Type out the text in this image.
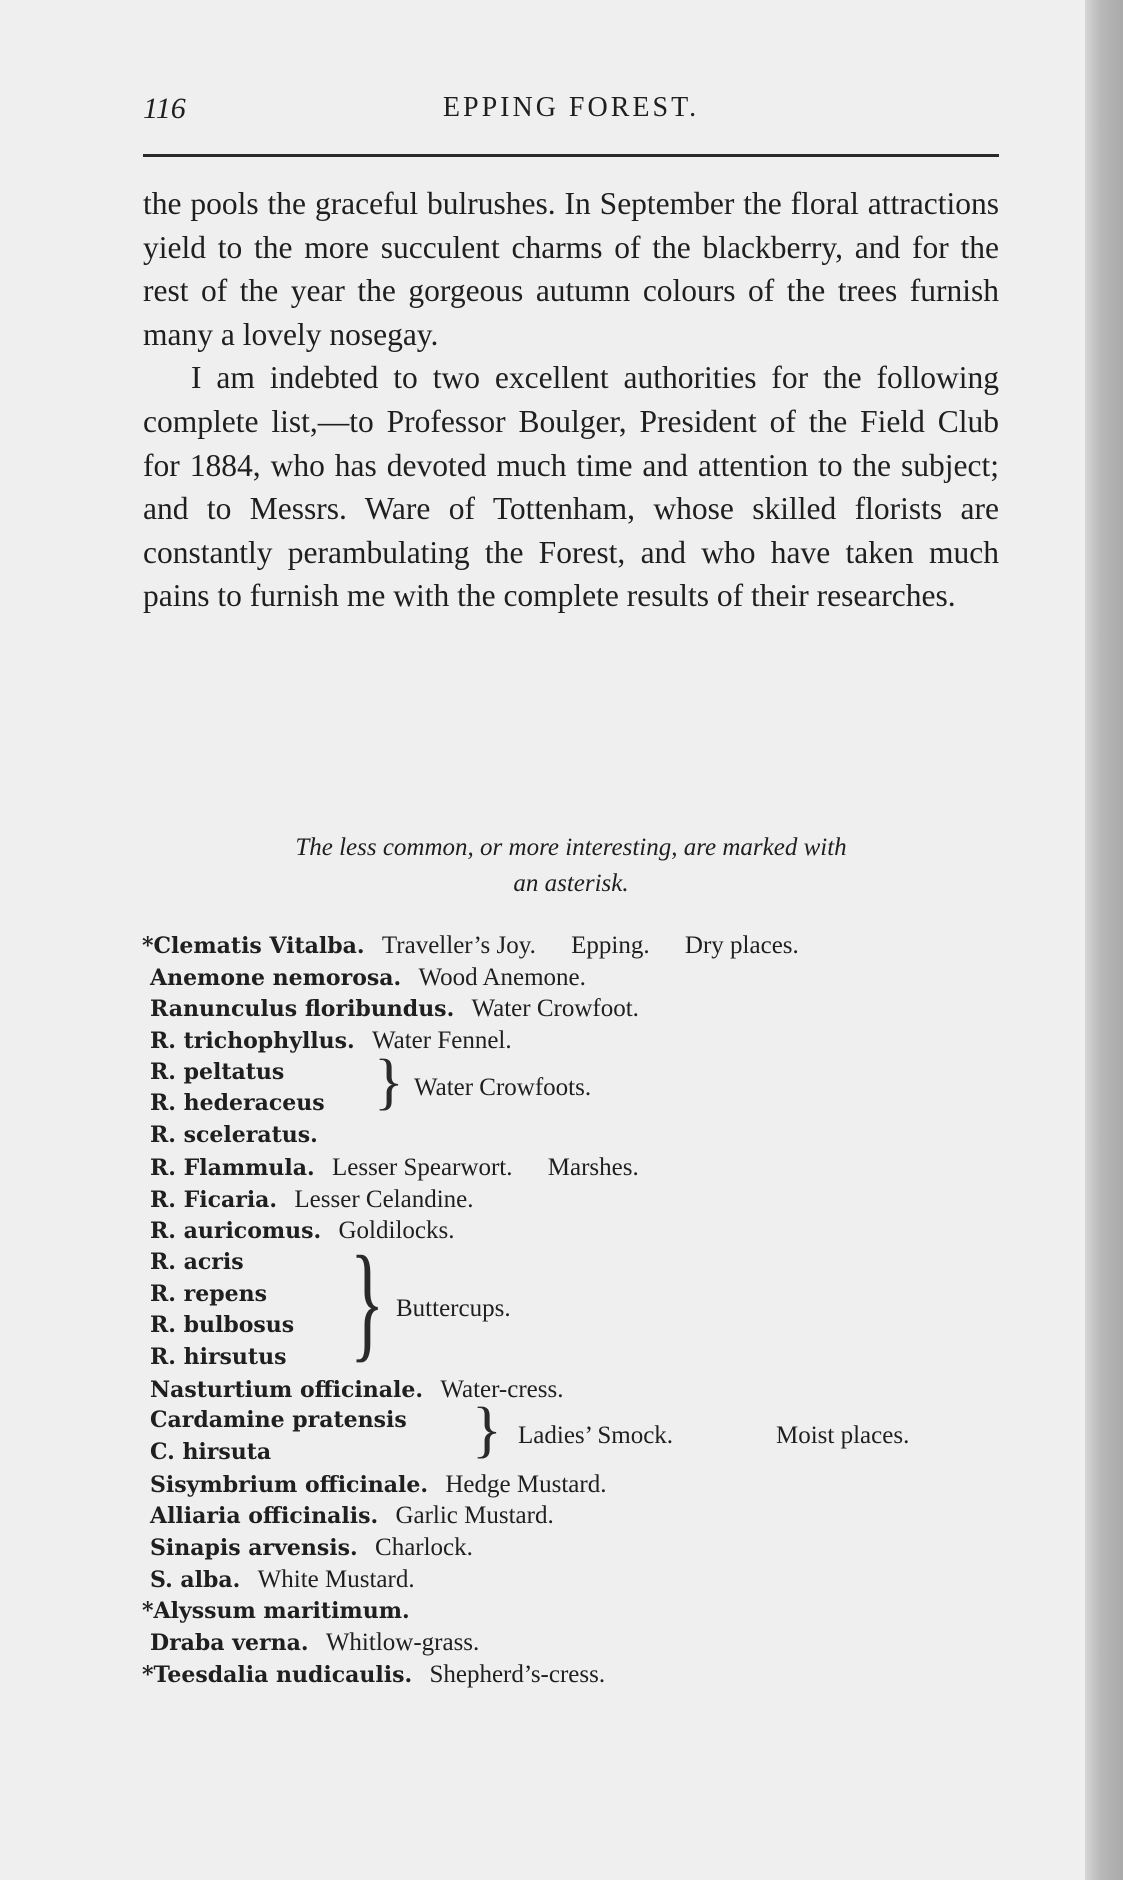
116	EPPING FOREST.

the pools the graceful bulrushes. In September the floral attractions yield to the more succulent charms of the blackberry, and for the rest of the year the gorgeous autumn colours of the trees furnish many a lovely nosegay.

I am indebted to two excellent authorities for the following complete list,—to Professor Boulger, President of the Field Club for 1884, who has devoted much time and attention to the subject; and to Messrs. Ware of Tottenham, whose skilled florists are constantly perambulating the Forest, and who have taken much pains to furnish me with the complete results of their researches.

The less common, or more interesting, are marked with
an asterisk.
*Clematis Vitalba. Traveller’s Joy. Epping. Dry places.
Anemone nemorosa. Wood Anemone.
Ranunculus floribundus. Water Crowfoot.
R. trichophyllus. Water Fennel.
R. peltatus
R. hederaceus } Water Crowfoots.
R. sceleratus.
R. Flammula. Lesser Spearwort. Marshes.
R. Ficaria. Lesser Celandine.
R. auricomus. Goldilocks.
R. acris
R. repens
R. bulbosus
R. hirsutus } Buttercups.
Nasturtium officinale. Water-cress.
Cardamine pratensis
C. hirsuta	} Ladies’ Smock.	Moist places.
Sisymbrium officinale. Hedge Mustard.
Alliaria officinalis. Garlic Mustard.
Sinapis arvensis. Charlock.
S. alba. White Mustard.
*Alyssum maritimum.
Draba verna. Whitlow-grass.
*Teesdalia nudicaulis. Shepherd’s-cress.
